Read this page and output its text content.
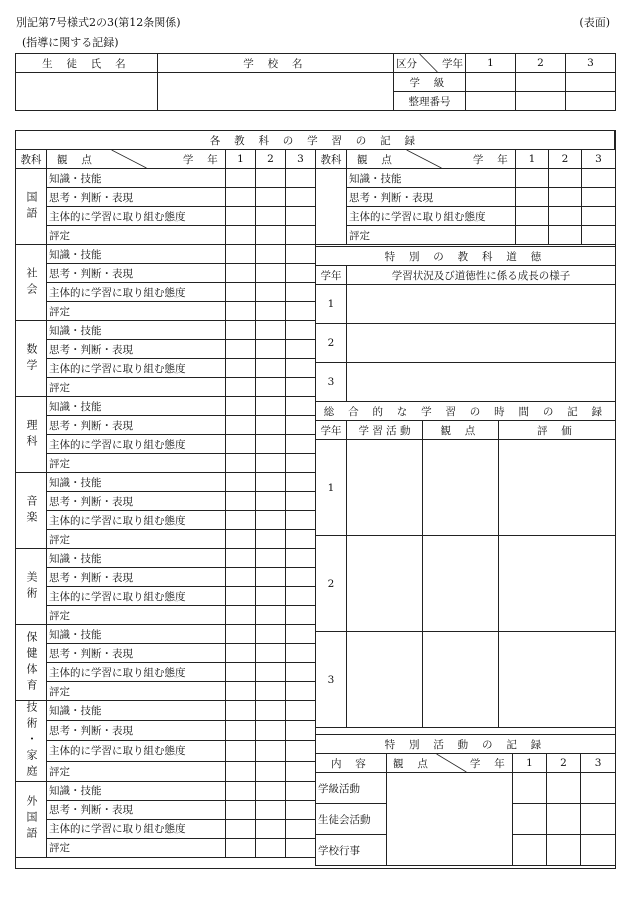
別記第7号様式2の3(第12条関係)
(指導に関する記録)
(表面)
生 徒 氏 名	学 校 名	区分 学年	1	2	3
		学 級			
		整理番号			
各 教 科 の 学 習 の 記 録
教科	観 点 学 年	1	2	3

国語	知識・技能			
	思考・判断・表現			
	主体的に学習に取り組む態度			
	評定			

社会	知識・技能			
	思考・判断・表現			
	主体的に学習に取り組む態度			
	評定			

数学	知識・技能			
	思考・判断・表現			
	主体的に学習に取り組む態度			
	評定			

理科	知識・技能			
	思考・判断・表現			
	主体的に学習に取り組む態度			
	評定			

音楽	知識・技能			
	思考・判断・表現			
	主体的に学習に取り組む態度			
	評定			

美術	知識・技能			
	思考・判断・表現			
	主体的に学習に取り組む態度			
	評定			

保健体育	知識・技能			
	思考・判断・表現			
	主体的に学習に取り組む態度			
	評定			

技術・家庭	知識・技能			
	思考・判断・表現			
	主体的に学習に取り組む態度			
	評定			

外国語	知識・技能			
	思考・判断・表現			
	主体的に学習に取り組む態度			
	評定			
教科	観 点 学 年	1	2	3
	知識・技能			
	思考・判断・表現			
	主体的に学習に取り組む態度			
	評定			
特 別 の 教 科 道 徳	
学年	学習状況及び道徳性に係る成長の様子
1	
2	
3	
総 合 的 な 学 習 の 時 間 の 記 録			
学年	学 習 活 動	観 点	評 価
1			
2			
3			
特 別 活 動 の 記 録				
内 容	観 点 学 年	1	2	3
学級活動				
生徒会活動				
学校行事				
